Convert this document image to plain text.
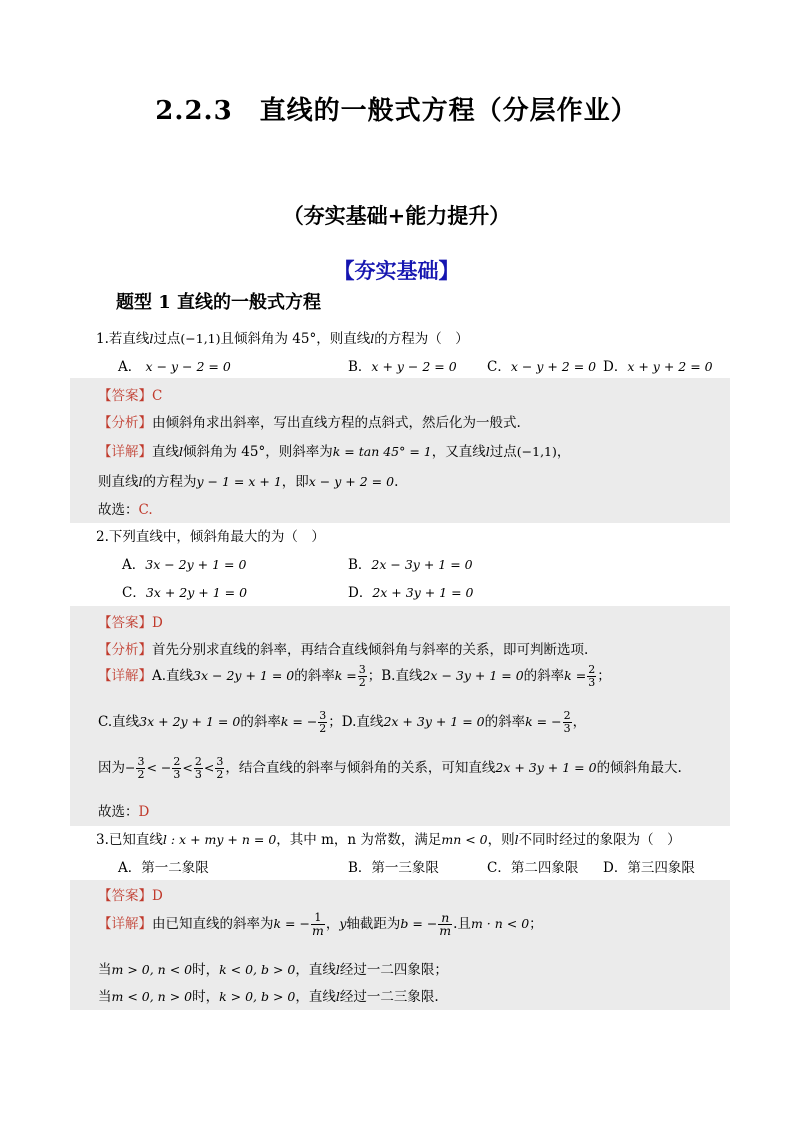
2.2.3　直线的一般式方程（分层作业）
（夯实基础+能力提升）
【夯实基础】
题型 1 直线的一般式方程
1.若直线l过点(−1,1)且倾斜角为 45°，则直线l的方程为（　）
A． x − y − 2 = 0	B．x + y − 2 = 0 C．x − y + 2 = 0 D．x + y + 2 = 0
【答案】C
【分析】由倾斜角求出斜率，写出直线方程的点斜式，然后化为一般式.
【详解】直线l倾斜角为 45°，则斜率为k = tan 45° = 1，又直线l过点(−1,1)，
则直线l的方程为y − 1 = x + 1，即x − y + 2 = 0.
故选：C.
2.下列直线中，倾斜角最大的为（　）
A．3x − 2y + 1 = 0	B．2x − 3y + 1 = 0
C．3x + 2y + 1 = 0	D．2x + 3y + 1 = 0
【答案】D
【分析】首先分别求直线的斜率，再结合直线倾斜角与斜率的关系，即可判断选项.
【详解】A.直线3x − 2y + 1 = 0的斜率$k = \frac{3}{2}$ ；B.直线2x − 3y + 1 = 0的斜率$k = \frac{2}{3}$ ；
C.直线3x + 2y + 1 = 0的斜率k = − $\frac{3}{2}$ ；D.直线2x + 3y + 1 = 0的斜率k = − $\frac{2}{3}$ ，
因为− $\frac{3}{2}$ < − $\frac{2}{3} < \frac{2}{3} < \frac{3}{2}$ ，结合直线的斜率与倾斜角的关系，可知直线2x + 3y + 1 = 0的倾斜角最大.
故选：D
3.已知直线l : x + my + n = 0，其中 m，n 为常数，满足mn < 0，则l不同时经过的象限为（　）
A．第一二象限	B．第一三象限	C．第二四象限 D．第三四象限
【答案】D
【详解】由已知直线的斜率为k = − $\frac{1}{m}$ ，y轴截距为b = − $\frac{n}{m}$ .且m · n < 0；
当m > 0, n < 0时，k < 0, b > 0，直线l经过一二四象限；
当m < 0, n > 0时，k > 0, b > 0，直线l经过一二三象限.
